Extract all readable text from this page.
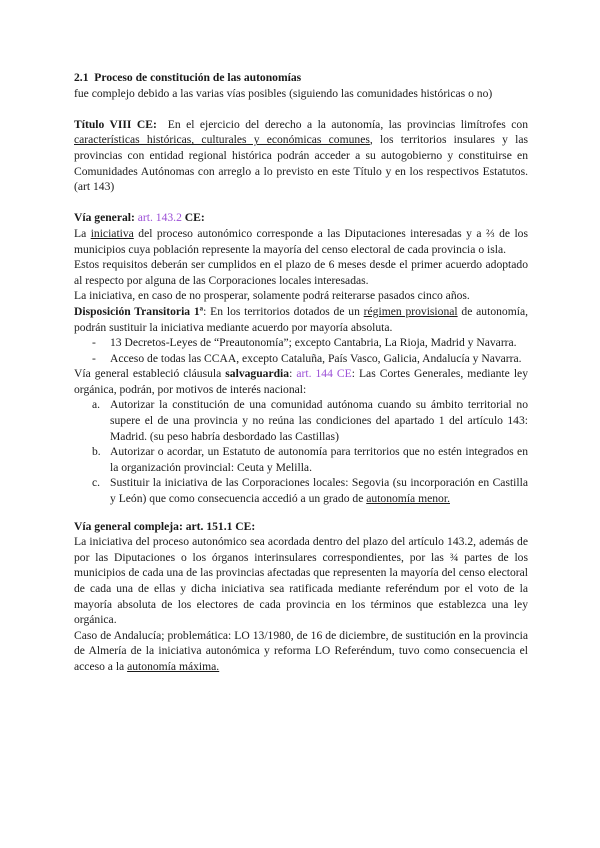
2.1 Proceso de constitución de las autonomías

fue complejo debido a las varias vías posibles (siguiendo las comunidades históricas o no)

Título VIII CE: En el ejercicio del derecho a la autonomía, las provincias limítrofes con características históricas, culturales y económicas comunes, los territorios insulares y las provincias con entidad regional histórica podrán acceder a su autogobierno y constituirse en Comunidades Autónomas con arreglo a lo previsto en este Título y en los respectivos Estatutos. (art 143)

Vía general: art. 143.2 CE:

La iniciativa del proceso autonómico corresponde a las Diputaciones interesadas y a ⅔ de los municipios cuya población represente la mayoría del censo electoral de cada provincia o isla.

Estos requisitos deberán ser cumplidos en el plazo de 6 meses desde el primer acuerdo adoptado al respecto por alguna de las Corporaciones locales interesadas.

La iniciativa, en caso de no prosperar, solamente podrá reiterarse pasados cinco años.

Disposición Transitoria 1ª: En los territorios dotados de un régimen provisional de autonomía, podrán sustituir la iniciativa mediante acuerdo por mayoría absoluta.

- 13 Decretos-Leyes de “Preautonomía”; excepto Cantabria, La Rioja, Madrid y Navarra.
- Acceso de todas las CCAA, excepto Cataluña, País Vasco, Galicia, Andalucía y Navarra.

Vía general estableció cláusula salvaguardia: art. 144 CE: Las Cortes Generales, mediante ley orgánica, podrán, por motivos de interés nacional:

a. Autorizar la constitución de una comunidad autónoma cuando su ámbito territorial no supere el de una provincia y no reúna las condiciones del apartado 1 del artículo 143: Madrid. (su peso habría desbordado las Castillas)
b. Autorizar o acordar, un Estatuto de autonomía para territorios que no estén integrados en la organización provincial: Ceuta y Melilla.
c. Sustituir la iniciativa de las Corporaciones locales: Segovia (su incorporación en Castilla y León) que como consecuencia accedió a un grado de autonomía menor.

Vía general compleja: art. 151.1 CE:

La iniciativa del proceso autonómico sea acordada dentro del plazo del artículo 143.2, además de por las Diputaciones o los órganos interinsulares correspondientes, por las ¾ partes de los municipios de cada una de las provincias afectadas que representen la mayoría del censo electoral de cada una de ellas y dicha iniciativa sea ratificada mediante referéndum por el voto de la mayoría absoluta de los electores de cada provincia en los términos que establezca una ley orgánica.

Caso de Andalucía; problemática: LO 13/1980, de 16 de diciembre, de sustitución en la provincia de Almería de la iniciativa autonómica y reforma LO Referéndum, tuvo como consecuencia el acceso a la autonomía máxima.
